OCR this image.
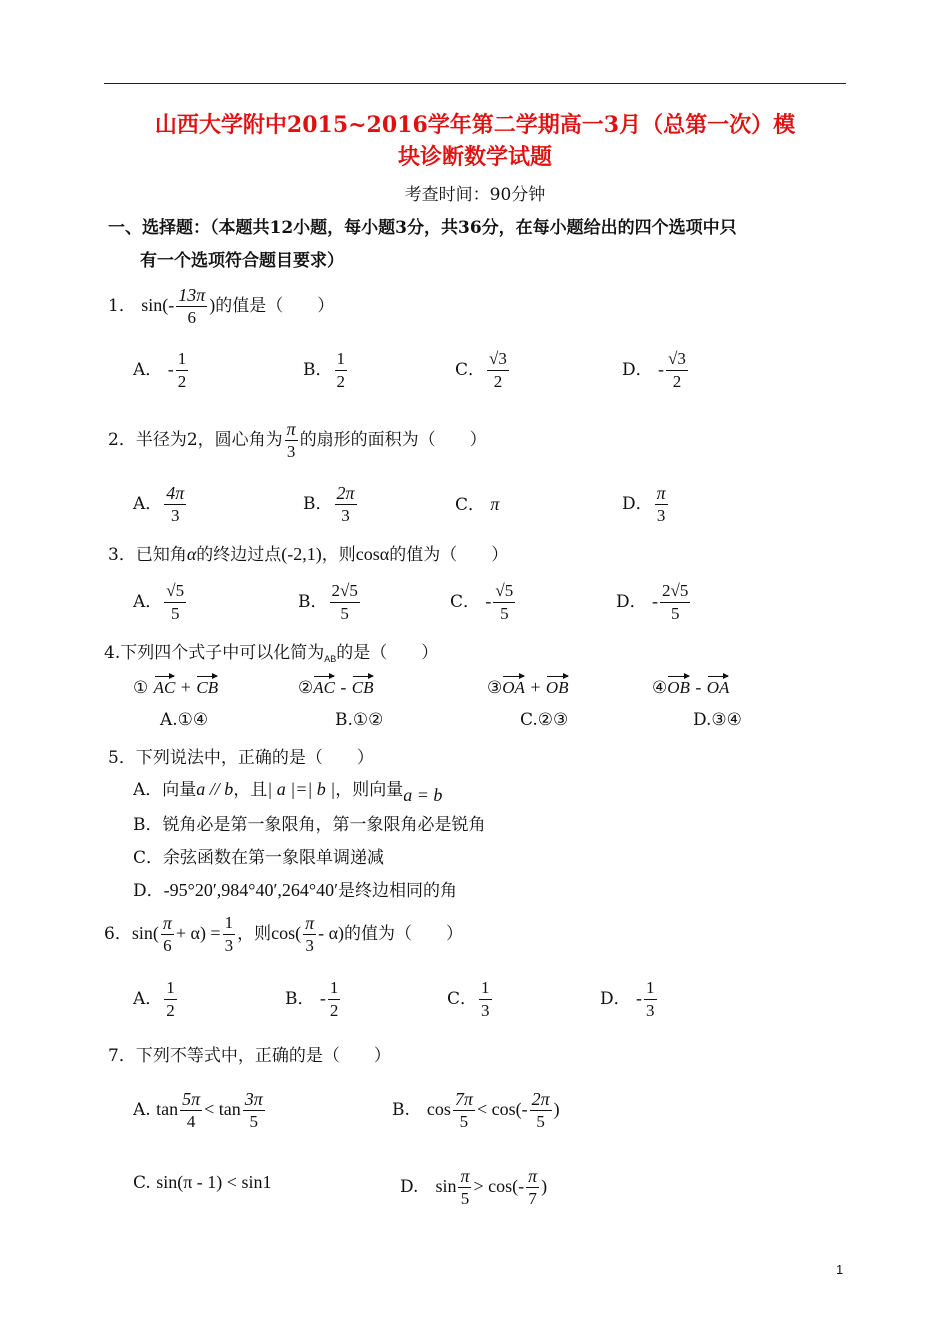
山西大学附中2015~2016学年第二学期高一3月（总第一次）模
块诊断数学试题
考查时间：90分钟
一、选择题：（本题共12小题，每小题3分，共36分，在每小题给出的四个选项中只
有一个选项符合题目要求）
1． $\sin(- \frac{13\pi}{6}$ )的值是（　　）
A． - $\frac{1}{2}$	B． $\frac{1}{2}$	C． $\frac{√3}{2}$	D． - $\frac{√3}{2}$
2．半径为2，圆心角为 $\frac{\pi}{3}$ 的扇形的面积为（　　）
A． $\frac{4\pi}{3}$	B． $\frac{2\pi}{3}$	C． π	D． $\frac{\pi}{3}$
3．已知角α的终边过点(-2,1)，则cosα的值为（　　）
A． $\frac{√5}{5}$	B． $\frac{2√5}{5}$	C． - $\frac{√5}{5}$	D． - $\frac{2√5}{5}$
4.下列四个式子中可以化简为$_{AB}$的是（　　）
① AC + CB	②AC - CB	③OA + OB	④OB - OA
A.①④	B.①②	C.②③	D.③④
5．下列说法中，正确的是（　　）
A．向量a // b，且| a |=| b |，则向量a = b
B．锐角必是第一象限角，第一象限角必是锐角
C．余弦函数在第一象限单调递减
D．-95°20′,984°40′,264°40′是终边相同的角
6．$\sin( \frac{\pi}{6} + \alpha) = \frac{1}{3}$ ，则$\cos( \frac{\pi}{3} - \alpha)$的值为（　　）
A． $\frac{1}{2}$	B． - $\frac{1}{2}$	C． $\frac{1}{3}$	D． - $\frac{1}{3}$
7．下列不等式中，正确的是（　　）
A. $\tan \frac{5\pi}{4} < \tan \frac{3\pi}{5}$	B.　 $\cos \frac{7\pi}{5} < \cos(- \frac{2\pi}{5}$ )
C. sin(π - 1) < sin1	D.　 $\sin \frac{\pi}{5} > \cos(- \frac{\pi}{7}$ )
1
